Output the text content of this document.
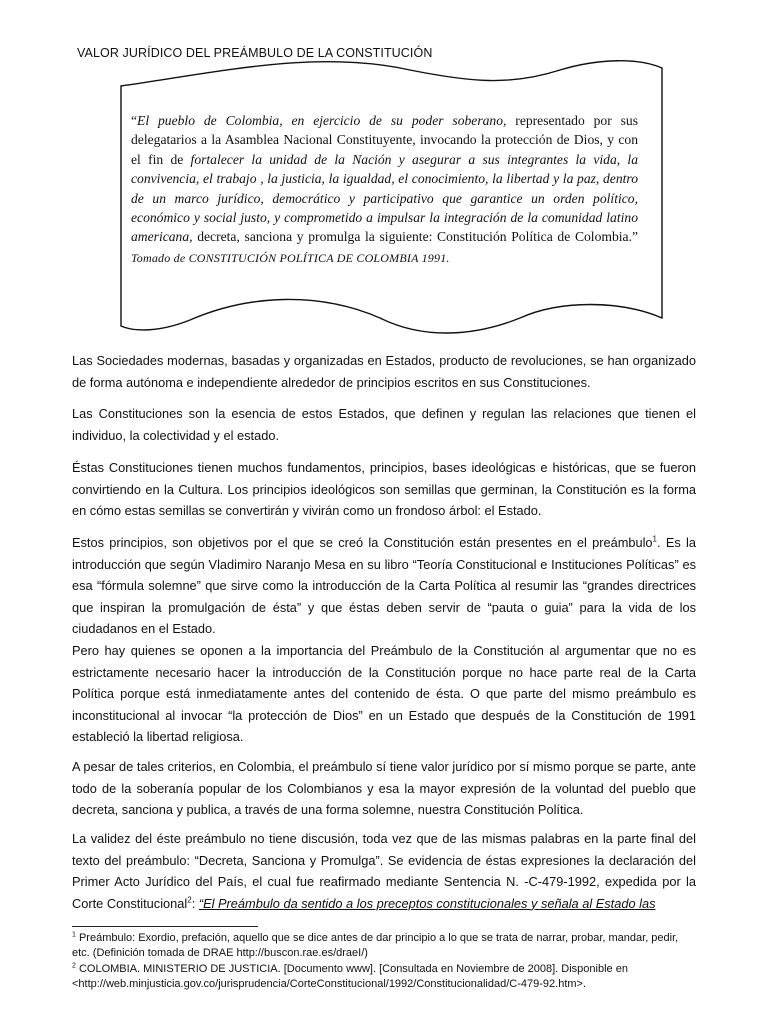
VALOR JURÍDICO DEL PREÁMBULO DE LA CONSTITUCIÓN
“El pueblo de Colombia, en ejercicio de su poder soberano, representado por sus delegatarios a la Asamblea Nacional Constituyente, invocando la protección de Dios, y con el fin de fortalecer la unidad de la Nación y asegurar a sus integrantes la vida, la convivencia, el trabajo , la justicia, la igualdad, el conocimiento, la libertad y la paz, dentro de un marco jurídico, democrático y participativo que garantice un orden político, económico y social justo, y comprometido a impulsar la integración de la comunidad latino americana, decreta, sanciona y promulga la siguiente: Constitución Política de Colombia.” Tomado de CONSTITUCIÓN POLÍTICA DE COLOMBIA 1991.
Las Sociedades modernas, basadas y organizadas en Estados, producto de revoluciones, se han organizado de forma autónoma e independiente alrededor de principios escritos en sus Constituciones.
Las Constituciones son la esencia de estos Estados, que definen y regulan las relaciones que tienen el individuo, la colectividad y el estado.
Éstas Constituciones tienen muchos fundamentos, principios, bases ideológicas e históricas, que se fueron convirtiendo en la Cultura. Los principios ideológicos son semillas que germinan, la Constitución es la forma en cómo estas semillas se convertirán y vivirán como un frondoso árbol: el Estado.
Estos principios, son objetivos por el que se creó la Constitución están presentes en el preámbulo$^1$. Es la introducción que según Vladimiro Naranjo Mesa en su libro “Teoría Constitucional e Instituciones Políticas” es esa “fórmula solemne” que sirve como la introducción de la Carta Política al resumir las “grandes directrices que inspiran la promulgación de ésta” y que éstas deben servir de “pauta o guia” para la vida de los ciudadanos en el Estado.
Pero hay quienes se oponen a la importancia del Preámbulo de la Constitución al argumentar que no es estrictamente necesario hacer la introducción de la Constitución porque no hace parte real de la Carta Política porque está inmediatamente antes del contenido de ésta. O que parte del mismo preámbulo es inconstitucional al invocar “la protección de Dios” en un Estado que después de la Constitución de 1991 estableció la libertad religiosa.
A pesar de tales criterios, en Colombia, el preámbulo sí tiene valor jurídico por sí mismo porque se parte, ante todo de la soberanía popular de los Colombianos y esa la mayor expresión de la voluntad del pueblo que decreta, sanciona y publica, a través de una forma solemne, nuestra Constitución Política.
La validez del éste preámbulo no tiene discusión, toda vez que de las mismas palabras en la parte final del texto del preámbulo: “Decreta, Sanciona y Promulga”. Se evidencia de éstas expresiones la declaración del Primer Acto Jurídico del País, el cual fue reafirmado mediante Sentencia N. -C-479-1992, expedida por la Corte Constitucional$^2$: “El Preámbulo da sentido a los preceptos constitucionales y señala al Estado las
$^1$ Preámbulo: Exordio, prefación, aquello que se dice antes de dar principio a lo que se trata de narrar, probar, mandar, pedir, etc. (Definición tomada de DRAE http://buscon.rae.es/draeI/)
$^2$ COLOMBIA. MINISTERIO DE JUSTICIA. [Documento www]. [Consultada en Noviembre de 2008]. Disponible en <http://web.minjusticia.gov.co/jurisprudencia/CorteConstitucional/1992/Constitucionalidad/C-479-92.htm>.
